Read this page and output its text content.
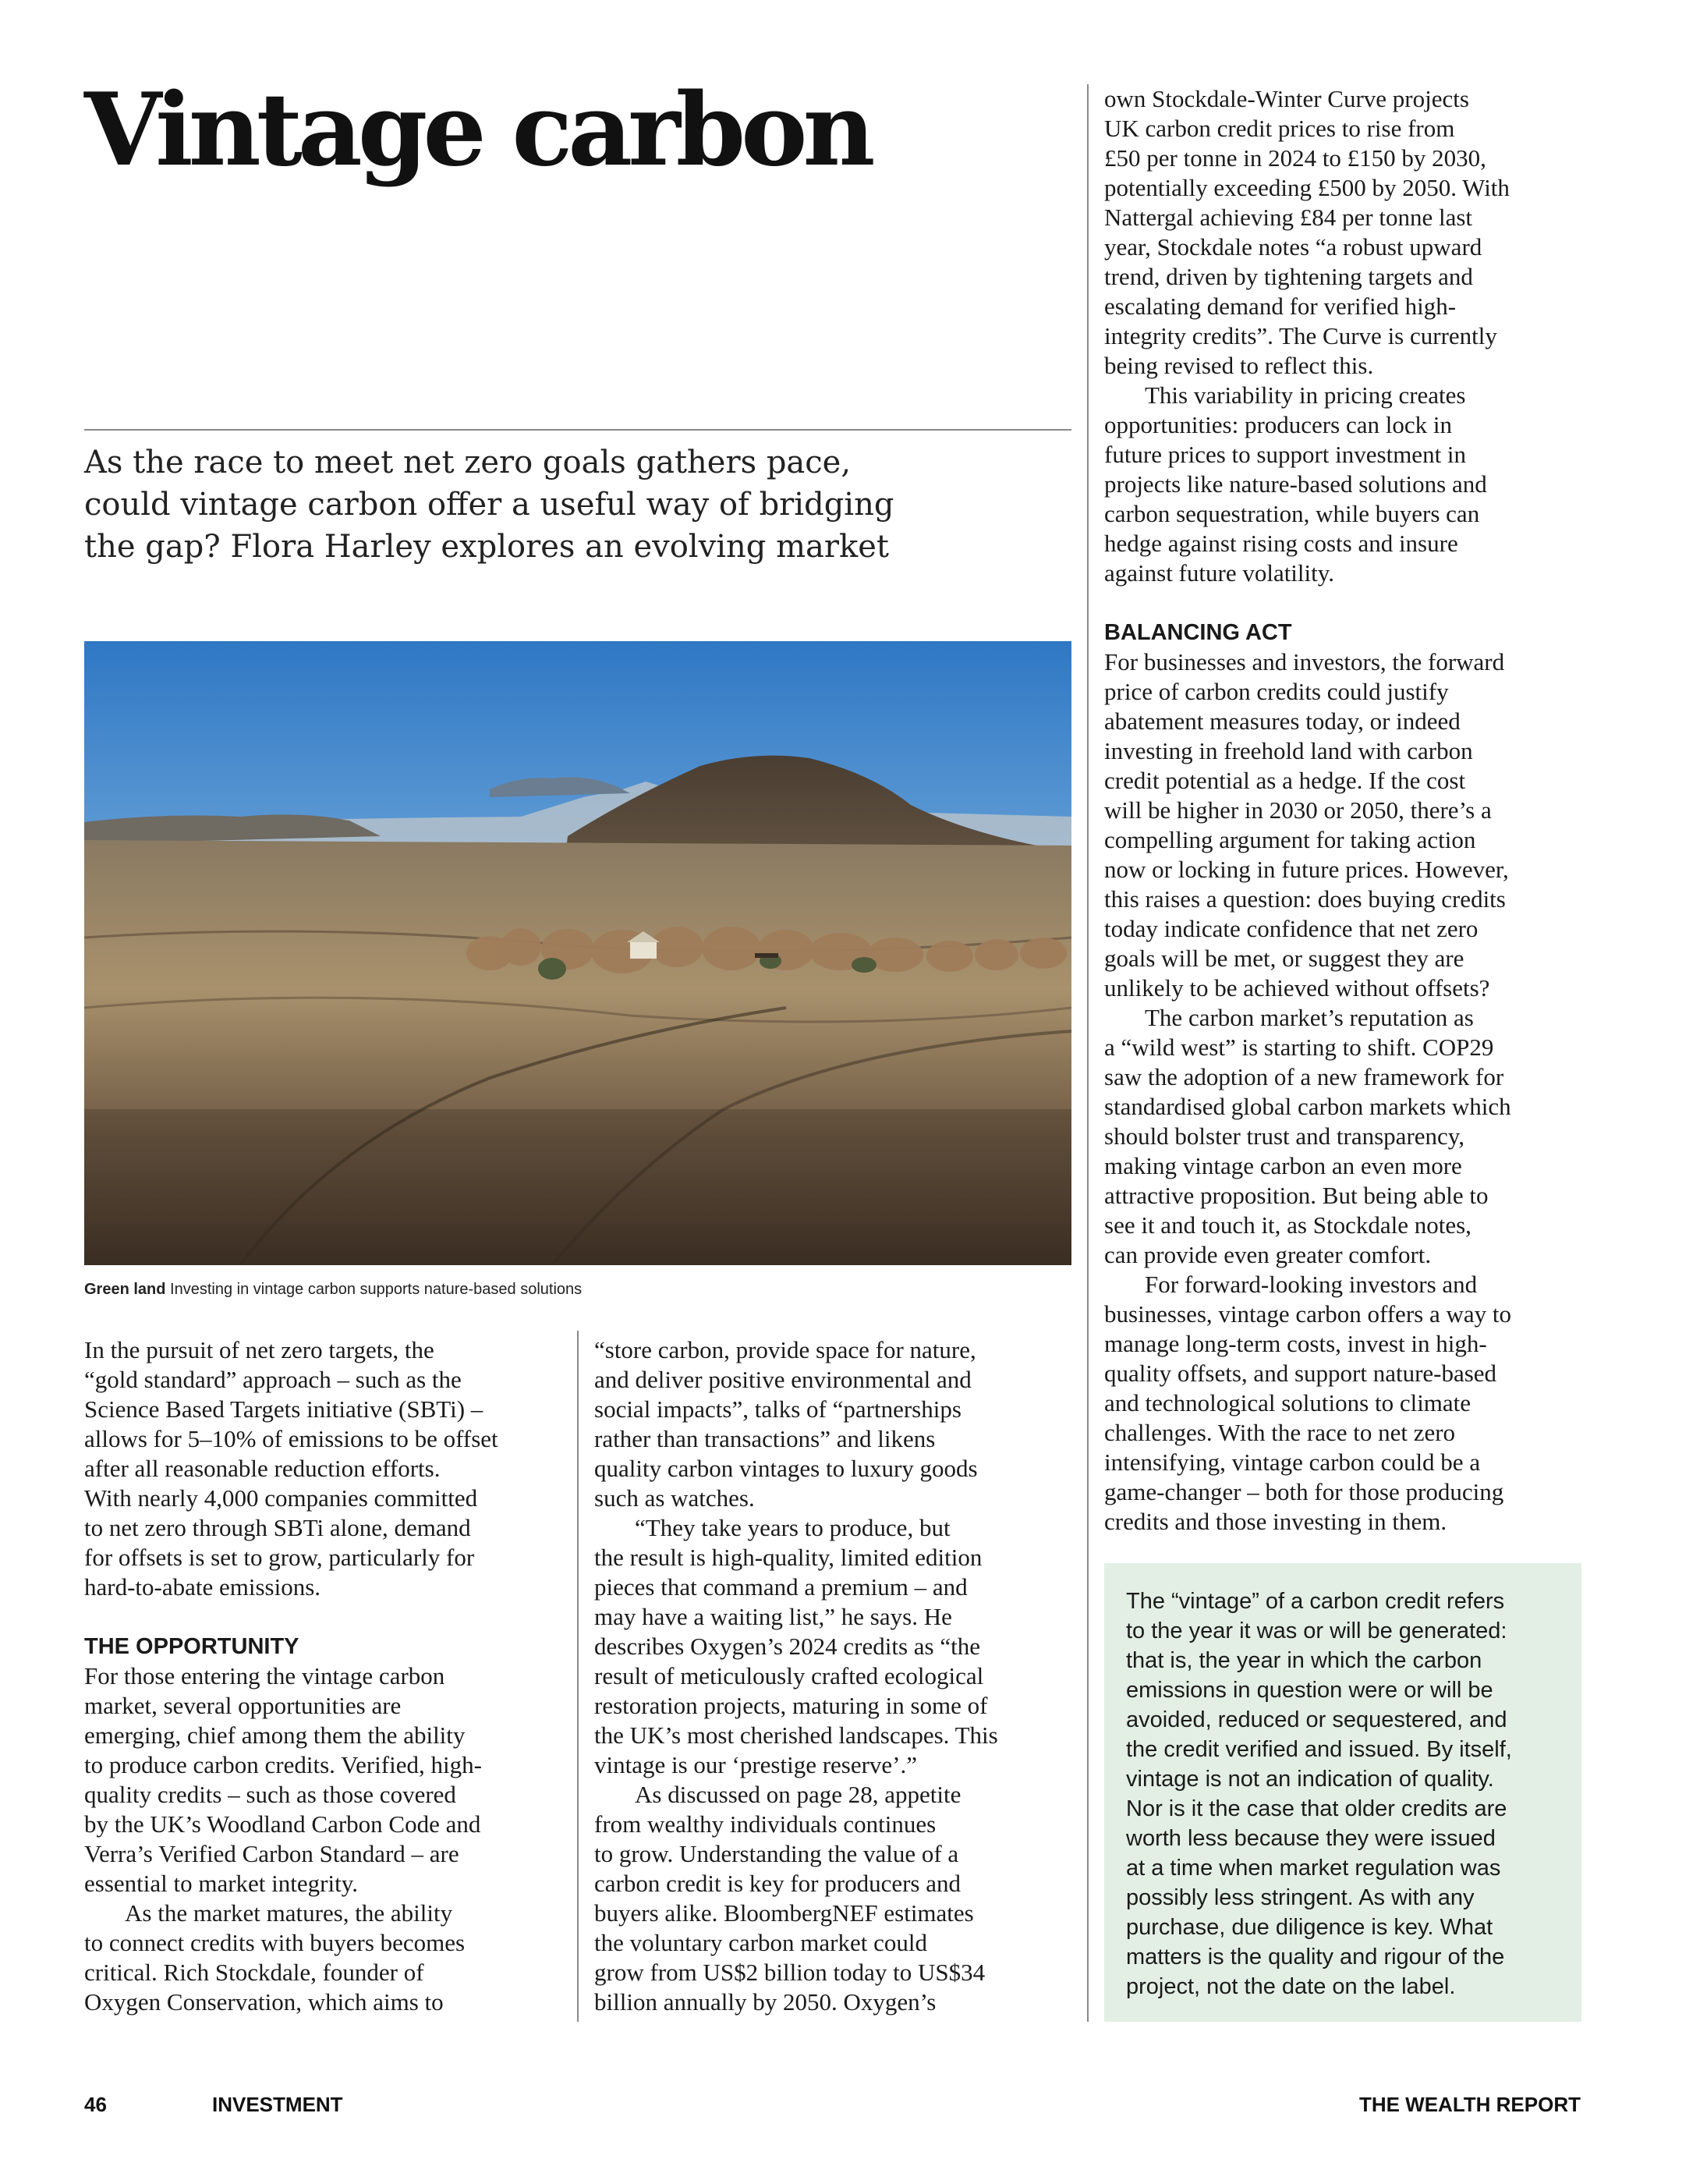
Vintage carbon
As the race to meet net zero goals gathers pace,
could vintage carbon offer a useful way of bridging
the gap? Flora Harley explores an evolving market
Green land Investing in vintage carbon supports nature-based solutions

In the pursuit of net zero targets, the

“gold standard” approach – such as the

Science Based Targets initiative (SBTi) –

allows for 5–10% of emissions to be offset

after all reasonable reduction efforts.

With nearly 4,000 companies committed

to net zero through SBTi alone, demand

for offsets is set to grow, particularly for

hard-to-abate emissions.

THE OPPORTUNITY

For those entering the vintage carbon

market, several opportunities are

emerging, chief among them the ability

to produce carbon credits. Verified, high-

quality credits – such as those covered

by the UK’s Woodland Carbon Code and

Verra’s Verified Carbon Standard – are

essential to market integrity.

As the market matures, the ability

to connect credits with buyers becomes

critical. Rich Stockdale, founder of

Oxygen Conservation, which aims to

“store carbon, provide space for nature,

and deliver positive environmental and

social impacts”, talks of “partnerships

rather than transactions” and likens

quality carbon vintages to luxury goods

such as watches.

“They take years to produce, but

the result is high-quality, limited edition

pieces that command a premium – and

may have a waiting list,” he says. He

describes Oxygen’s 2024 credits as “the

result of meticulously crafted ecological

restoration projects, maturing in some of

the UK’s most cherished landscapes. This

vintage is our ‘prestige reserve’.”

As discussed on page 28, appetite

from wealthy individuals continues

to grow. Understanding the value of a

carbon credit is key for producers and

buyers alike. BloombergNEF estimates

the voluntary carbon market could

grow from US$2 billion today to US$34

billion annually by 2050. Oxygen’s

own Stockdale-Winter Curve projects

UK carbon credit prices to rise from

£50 per tonne in 2024 to £150 by 2030,

potentially exceeding £500 by 2050. With

Nattergal achieving £84 per tonne last

year, Stockdale notes “a robust upward

trend, driven by tightening targets and

escalating demand for verified high-

integrity credits”. The Curve is currently

being revised to reflect this.

This variability in pricing creates

opportunities: producers can lock in

future prices to support investment in

projects like nature-based solutions and

carbon sequestration, while buyers can

hedge against rising costs and insure

against future volatility.

BALANCING ACT

For businesses and investors, the forward

price of carbon credits could justify

abatement measures today, or indeed

investing in freehold land with carbon

credit potential as a hedge. If the cost

will be higher in 2030 or 2050, there’s a

compelling argument for taking action

now or locking in future prices. However,

this raises a question: does buying credits

today indicate confidence that net zero

goals will be met, or suggest they are

unlikely to be achieved without offsets?

The carbon market’s reputation as

a “wild west” is starting to shift. COP29

saw the adoption of a new framework for

standardised global carbon markets which

should bolster trust and transparency,

making vintage carbon an even more

attractive proposition. But being able to

see it and touch it, as Stockdale notes,

can provide even greater comfort.

For forward-looking investors and

businesses, vintage carbon offers a way to

manage long-term costs, invest in high-

quality offsets, and support nature-based

and technological solutions to climate

challenges. With the race to net zero

intensifying, vintage carbon could be a

game-changer – both for those producing

credits and those investing in them.

The “vintage” of a carbon credit refers

to the year it was or will be generated:

that is, the year in which the carbon

emissions in question were or will be

avoided, reduced or sequestered, and

the credit verified and issued. By itself,

vintage is not an indication of quality.

Nor is it the case that older credits are

worth less because they were issued

at a time when market regulation was

possibly less stringent. As with any

purchase, due diligence is key. What

matters is the quality and rigour of the

project, not the date on the label.

46	INVESTMENT	THE WEALTH REPORT
